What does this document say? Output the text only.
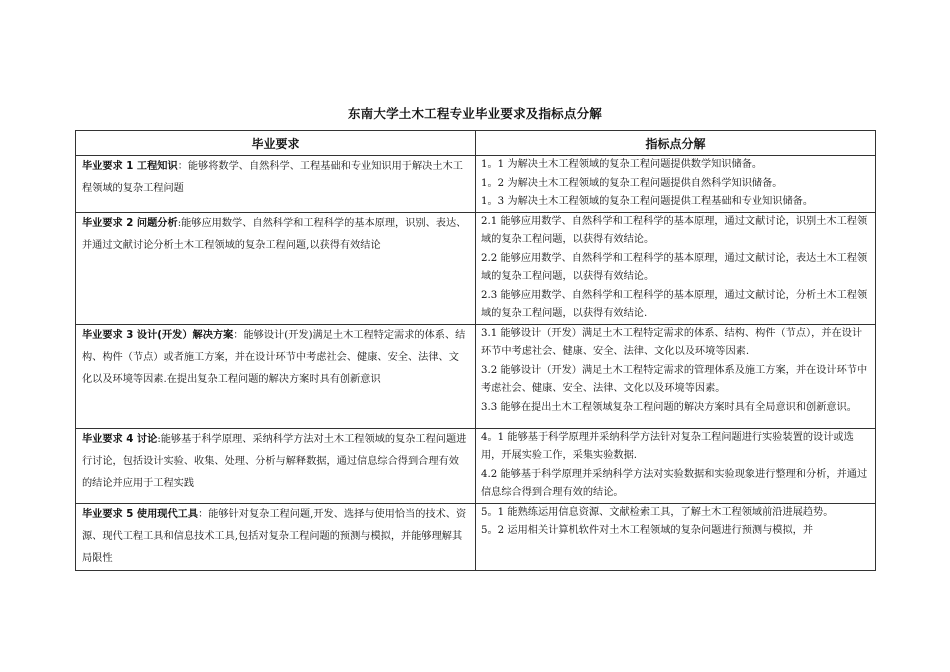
东南大学土木工程专业毕业要求及指标点分解
毕业要求	指标点分解
毕业要求 1 工程知识：能够将数学、自然科学、工程基础和专业知识用于解决土木工程领域的复杂工程问题	1。1 为解决土木工程领域的复杂工程问题提供数学知识储备。
1。2 为解决土木工程领域的复杂工程问题提供自然科学知识储备。
1。3 为解决土木工程领域的复杂工程问题提供工程基础和专业知识储备。

毕业要求 2 问题分析:能够应用数学、自然科学和工程科学的基本原理，识别、表达、并通过文献讨论分析土木工程领域的复杂工程问题,以获得有效结论	2.1 能够应用数学、自然科学和工程科学的基本原理，通过文献讨论，识别土木工程领域的复杂工程问题，以获得有效结论。
2.2 能够应用数学、自然科学和工程科学的基本原理，通过文献讨论，表达土木工程领域的复杂工程问题，以获得有效结论。
2.3 能够应用数学、自然科学和工程科学的基本原理，通过文献讨论，分析土木工程领域的复杂工程问题，以获得有效结论.

毕业要求 3 设计(开发）解决方案：能够设计(开发)满足土木工程特定需求的体系、结构、构件（节点）或者施工方案，并在设计环节中考虑社会、健康、安全、法律、文化以及环境等因素.在提出复杂工程问题的解决方案时具有创新意识	3.1 能够设计（开发）满足土木工程特定需求的体系、结构、构件（节点），并在设计环节中考虑社会、健康、安全、法律、文化以及环境等因素.
3.2 能够设计（开发）满足土木工程特定需求的管理体系及施工方案，并在设计环节中考虑社会、健康、安全、法律、文化以及环境等因素。
3.3 能够在提出土木工程领域复杂工程问题的解决方案时具有全局意识和创新意识。

毕业要求 4 讨论:能够基于科学原理、采纳科学方法对土木工程领域的复杂工程问题进行讨论，包括设计实验、收集、处理、分析与解释数据，通过信息综合得到合理有效的结论并应用于工程实践	4。1 能够基于科学原理并采纳科学方法针对复杂工程问题进行实验装置的设计或选用，开展实验工作，采集实验数据.
4.2 能够基于科学原理并采纳科学方法对实验数据和实验现象进行整理和分析，并通过信息综合得到合理有效的结论。

毕业要求 5 使用现代工具：能够针对复杂工程问题,开发、选择与使用恰当的技术、资源、现代工程工具和信息技术工具,包括对复杂工程问题的预测与模拟，并能够理解其局限性	5。1 能熟练运用信息资源、文献检索工具，了解土木工程领域前沿进展趋势。
5。2 运用相关计算机软件对土木工程领域的复杂问题进行预测与模拟，并
